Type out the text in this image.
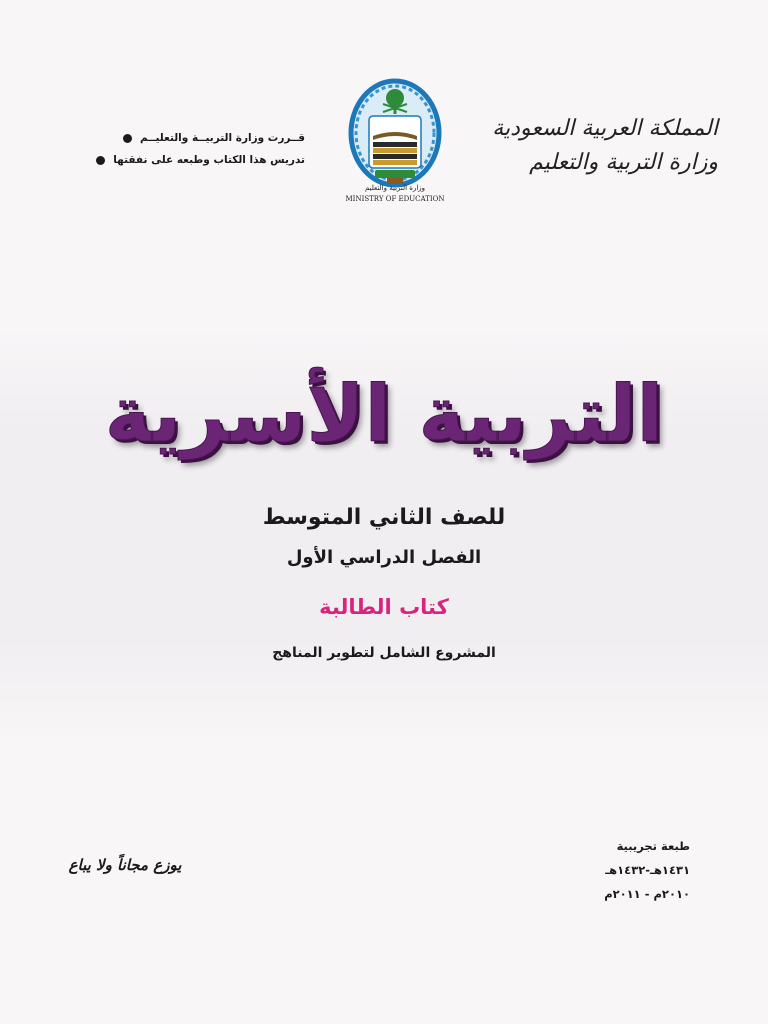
المملكة العربية السعودية
وزارة التربية والتعليم
وزارة التربية والتعليم
MINISTRY OF EDUCATION
قــررت وزارة التربيــة والتعليــم
تدريس هذا الكتاب وطبعه على نفقتها
التربية الأسرية
للصف الثاني المتوسط
الفصل الدراسي الأول
كتاب الطالبة
المشروع الشامل لتطوير المناهج
طبعة تجريبية
١٤٣١هـ-١٤٣٢هـ
٢٠١٠م - ٢٠١١م
يوزع مجاناً ولا يباع
